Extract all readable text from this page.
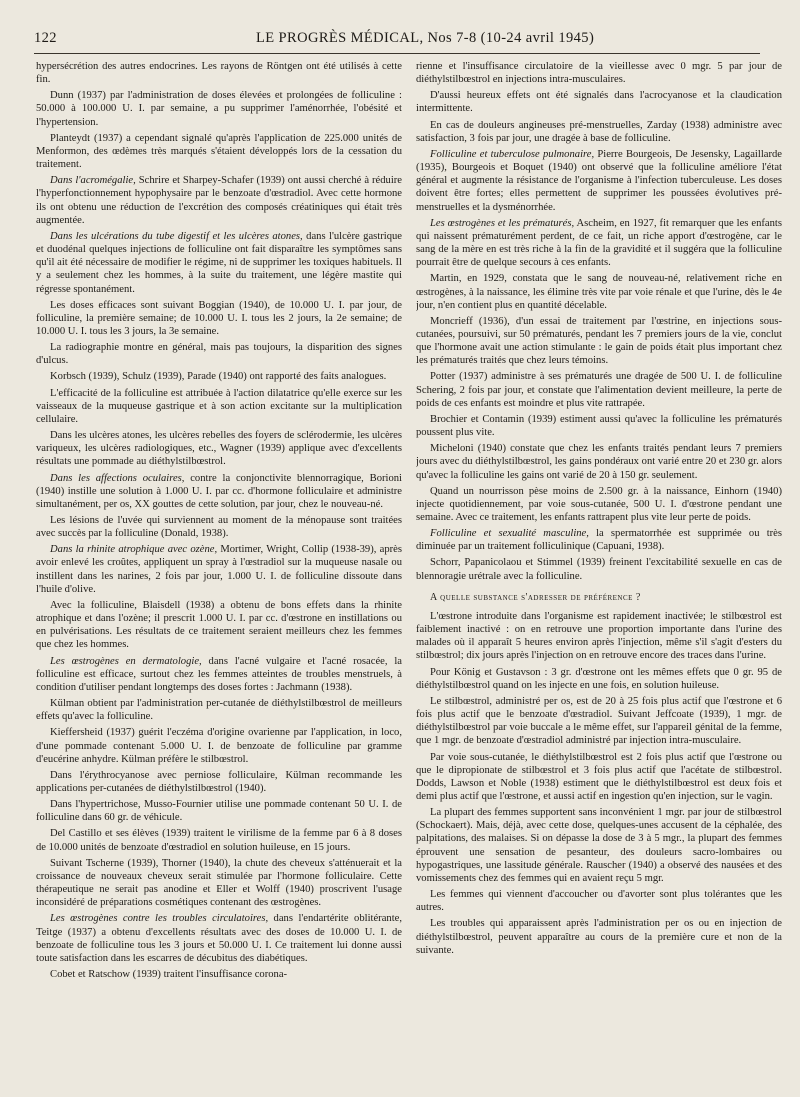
122	LE PROGRÈS MÉDICAL, Nos 7-8 (10-24 avril 1945)

hypersécrétion des autres endocrines. Les rayons de Röntgen ont été utilisés à cette fin.

Dunn (1937) par l'administration de doses élevées et prolongées de folliculine : 50.000 à 100.000 U. I. par semaine, a pu supprimer l'aménorrhée, l'obésité et l'hypertension.

Planteydt (1937) a cependant signalé qu'après l'application de 225.000 unités de Menformon, des œdèmes très marqués s'étaient développés lors de la cessation du traitement.

Dans l'acromégalie, Schrire et Sharpey-Schafer (1939) ont aussi cherché à réduire l'hyperfonctionnement hypophysaire par le benzoate d'œstradiol. Avec cette hormone ils ont obtenu une réduction de l'excrétion des composés créatiniques qui était très augmentée.

Dans les ulcérations du tube digestif et les ulcères atones, dans l'ulcère gastrique et duodénal quelques injections de folliculine ont fait disparaître les symptômes sans qu'il ait été nécessaire de modifier le régime, ni de supprimer les toxiques habituels. Il y a seulement chez les hommes, à la suite du traitement, une légère mastite qui régresse spontanément.

Les doses efficaces sont suivant Boggian (1940), de 10.000 U. I. par jour, de folliculine, la première semaine; de 10.000 U. I. tous les 2 jours, la 2e semaine; de 10.000 U. I. tous les 3 jours, la 3e semaine.

La radiographie montre en général, mais pas toujours, la disparition des signes d'ulcus.

Korbsch (1939), Schulz (1939), Parade (1940) ont rapporté des faits analogues.

L'efficacité de la folliculine est attribuée à l'action dilatatrice qu'elle exerce sur les vaisseaux de la muqueuse gastrique et à son action excitante sur la multiplication cellulaire.

Dans les ulcères atones, les ulcères rebelles des foyers de sclérodermie, les ulcères variqueux, les ulcères radiologiques, etc., Wagner (1939) applique avec d'excellents résultats une pommade au diéthylstilbœstrol.

Dans les affections oculaires, contre la conjonctivite blennorragique, Borioni (1940) instille une solution à 1.000 U. I. par cc. d'hormone folliculaire et administre simultanément, per os, XX gouttes de cette solution, par jour, chez le nouveau-né.

Les lésions de l'uvée qui surviennent au moment de la ménopause sont traitées avec succès par la folliculine (Donald, 1938).

Dans la rhinite atrophique avec ozène, Mortimer, Wright, Collip (1938-39), après avoir enlevé les croûtes, appliquent un spray à l'œstradiol sur la muqueuse nasale ou instillent dans les narines, 2 fois par jour, 1.000 U. I. de folliculine dissoute dans l'huile d'olive.

Avec la folliculine, Blaisdell (1938) a obtenu de bons effets dans la rhinite atrophique et dans l'ozène; il prescrit 1.000 U. I. par cc. d'œstrone en instillations ou en pulvérisations. Les résultats de ce traitement seraient meilleurs chez les femmes que chez les hommes.

Les œstrogènes en dermatologie, dans l'acné vulgaire et l'acné rosacée, la folliculine est efficace, surtout chez les femmes atteintes de troubles menstruels, à condition d'utiliser pendant longtemps des doses fortes : Jachmann (1938).

Külman obtient par l'administration per-cutanée de diéthylstilbœstrol de meilleurs effets qu'avec la folliculine.

Kieffersheid (1937) guérit l'eczéma d'origine ovarienne par l'application, in loco, d'une pommade contenant 5.000 U. I. de benzoate de folliculine par gramme d'eucérine anhydre. Külman préfère le stilbœstrol.

Dans l'érythrocyanose avec perniose folliculaire, Külman recommande les applications per-cutanées de diéthylstilbœstrol (1940).

Dans l'hypertrichose, Musso-Fournier utilise une pommade contenant 50 U. I. de folliculine dans 60 gr. de véhicule.

Del Castillo et ses élèves (1939) traitent le virilisme de la femme par 6 à 8 doses de 10.000 unités de benzoate d'œstradiol en solution huileuse, en 15 jours.

Suivant Tscherne (1939), Thorner (1940), la chute des cheveux s'atténuerait et la croissance de nouveaux cheveux serait stimulée par l'hormone folliculaire. Cette thérapeutique ne serait pas anodine et Eller et Wolff (1940) proscrivent l'usage inconsidéré de préparations cosmétiques contenant des œstrogènes.

Les œstrogènes contre les troubles circulatoires, dans l'endartérite oblitérante, Teitge (1937) a obtenu d'excellents résultats avec des doses de 10.000 U. I. de benzoate de folliculine tous les 3 jours et 50.000 U. I. Ce traitement lui donne aussi toute satisfaction dans les escarres de décubitus des diabétiques.

Cobet et Ratschow (1939) traitent l'insuffisance corona-

rienne et l'insuffisance circulatoire de la vieillesse avec 0 mgr. 5 par jour de diéthylstilbœstrol en injections intra-musculaires.

D'aussi heureux effets ont été signalés dans l'acrocyanose et la claudication intermittente.

En cas de douleurs angineuses pré-menstruelles, Zarday (1938) administre avec satisfaction, 3 fois par jour, une dragée à base de folliculine.

Folliculine et tuberculose pulmonaire, Pierre Bourgeois, De Jesensky, Lagaillarde (1935), Bourgeois et Boquet (1940) ont observé que la folliculine améliore l'état général et augmente la résistance de l'organisme à l'infection tuberculeuse. Les doses doivent être fortes; elles permettent de supprimer les poussées évolutives pré-menstruelles et la dysménorrhée.

Les œstrogènes et les prématurés, Ascheim, en 1927, fit remarquer que les enfants qui naissent prématurément perdent, de ce fait, un riche apport d'œstrogène, car le sang de la mère en est très riche à la fin de la gravidité et il suggéra que la folliculine pourrait être de quelque secours à ces enfants.

Martin, en 1929, constata que le sang de nouveau-né, relativement riche en œstrogènes, à la naissance, les élimine très vite par voie rénale et que l'urine, dès le 4e jour, n'en contient plus en quantité décelable.

Moncrieff (1936), d'un essai de traitement par l'œstrine, en injections sous-cutanées, poursuivi, sur 50 prématurés, pendant les 7 premiers jours de la vie, conclut que l'hormone avait une action stimulante : le gain de poids était plus important chez les prématurés traités que chez leurs témoins.

Potter (1937) administre à ses prématurés une dragée de 500 U. I. de folliculine Schering, 2 fois par jour, et constate que l'alimentation devient meilleure, la perte de poids de ces enfants est moindre et plus vite rattrapée.

Brochier et Contamin (1939) estiment aussi qu'avec la folliculine les prématurés poussent plus vite.

Micheloni (1940) constate que chez les enfants traités pendant leurs 7 premiers jours avec du diéthylstilbœstrol, les gains pondéraux ont varié entre 20 et 230 gr. alors qu'avec la folliculine les gains ont varié de 20 à 150 gr. seulement.

Quand un nourrisson pèse moins de 2.500 gr. à la naissance, Einhorn (1940) injecte quotidiennement, par voie sous-cutanée, 500 U. I. d'œstrone pendant une semaine. Avec ce traitement, les enfants rattrapent plus vite leur perte de poids.

Folliculine et sexualité masculine, la spermatorrhée est supprimée ou très diminuée par un traitement folliculinique (Capuani, 1938).

Schorr, Papanicolaou et Stimmel (1939) freinent l'excitabilité sexuelle en cas de blennoragie urétrale avec la folliculine.

A quelle substance s'adresser de préférence ?

L'œstrone introduite dans l'organisme est rapidement inactivée; le stilbœstrol est faiblement inactivé : on en retrouve une proportion importante dans l'urine des malades où il apparaît 5 heures environ après l'injection, même s'il s'agit d'esters du stilbœstrol; dix jours après l'injection on en retrouve encore des traces dans l'urine.

Pour König et Gustavson : 3 gr. d'œstrone ont les mêmes effets que 0 gr. 95 de diéthylstilbœstrol quand on les injecte en une fois, en solution huileuse.

Le stilbœstrol, administré per os, est de 20 à 25 fois plus actif que l'œstrone et 6 fois plus actif que le benzoate d'œstradiol. Suivant Jeffcoate (1939), 1 mgr. de diéthylstilbœstrol par voie buccale a le même effet, sur l'appareil génital de la femme, que 1 mgr. de benzoate d'œstradiol administré par injection intra-musculaire.

Par voie sous-cutanée, le diéthylstilbœstrol est 2 fois plus actif que l'œstrone ou que le dipropionate de stilbœstrol et 3 fois plus actif que l'acétate de stilbœstrol. Dodds, Lawson et Noble (1938) estiment que le diéthylstilbœstrol est deux fois et demi plus actif que l'œstrone, et aussi actif en ingestion qu'en injection, sur le vagin.

La plupart des femmes supportent sans inconvénient 1 mgr. par jour de stilbœstrol (Schockaert). Mais, déjà, avec cette dose, quelques-unes accusent de la céphalée, des palpitations, des malaises. Si on dépasse la dose de 3 à 5 mgr., la plupart des femmes éprouvent une sensation de pesanteur, des douleurs sacro-lombaires ou hypogastriques, une lassitude générale. Rauscher (1940) a observé des nausées et des vomissements chez des femmes qui en avaient reçu 5 mgr.

Les femmes qui viennent d'accoucher ou d'avorter sont plus tolérantes que les autres.

Les troubles qui apparaissent après l'administration per os ou en injection de diéthylstilbœstrol, peuvent apparaître au cours de la première cure et non de la suivante.
